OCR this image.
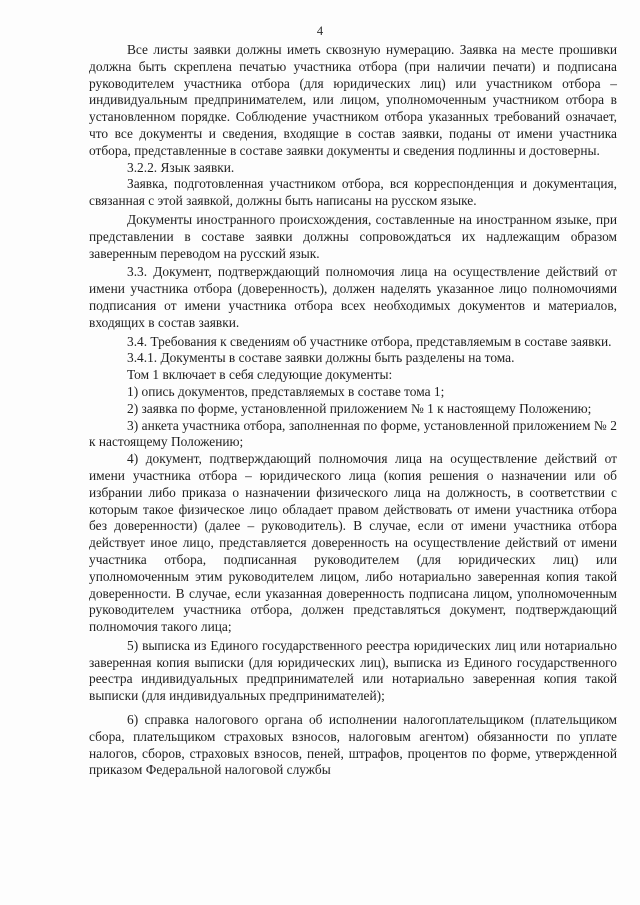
4

Все листы заявки должны иметь сквозную нумерацию. Заявка на месте прошивки должна быть скреплена печатью участника отбора (при наличии печати) и подписана руководителем участника отбора (для юридических лиц) или участником отбора – индивидуальным предпринимателем, или лицом, уполномоченным участником отбора в установленном порядке. Соблюдение участником отбора указанных требований означает, что все документы и сведения, входящие в состав заявки, поданы от имени участника отбора, представленные в составе заявки документы и сведения подлинны и достоверны.

3.2.2. Язык заявки.

Заявка, подготовленная участником отбора, вся корреспонденция и документация, связанная с этой заявкой, должны быть написаны на русском языке.

Документы иностранного происхождения, составленные на иностранном языке, при представлении в составе заявки должны сопровождаться их надлежащим образом заверенным переводом на русский язык.

3.3. Документ, подтверждающий полномочия лица на осуществление действий от имени участника отбора (доверенность), должен наделять указанное лицо полномочиями подписания от имени участника отбора всех необходимых документов и материалов, входящих в состав заявки.

3.4. Требования к сведениям об участнике отбора, представляемым в составе заявки.

3.4.1. Документы в составе заявки должны быть разделены на тома.

Том 1 включает в себя следующие документы:

1) опись документов, представляемых в составе тома 1;

2) заявка по форме, установленной приложением № 1 к настоящему Положению;

3) анкета участника отбора, заполненная по форме, установленной приложением № 2 к настоящему Положению;

4) документ, подтверждающий полномочия лица на осуществление действий от имени участника отбора – юридического лица (копия решения о назначении или об избрании либо приказа о назначении физического лица на должность, в соответствии с которым такое физическое лицо обладает правом действовать от имени участника отбора без доверенности) (далее – руководитель). В случае, если от имени участника отбора действует иное лицо, представляется доверенность на осуществление действий от имени участника отбора, подписанная руководителем (для юридических лиц) или уполномоченным этим руководителем лицом, либо нотариально заверенная копия такой доверенности. В случае, если указанная доверенность подписана лицом, уполномоченным руководителем участника отбора, должен представляться документ, подтверждающий полномочия такого лица;

5) выписка из Единого государственного реестра юридических лиц или нотариально заверенная копия выписки (для юридических лиц), выписка из Единого государственного реестра индивидуальных предпринимателей или нотариально заверенная копия такой выписки (для индивидуальных предпринимателей);

6) справка налогового органа об исполнении налогоплательщиком (плательщиком сбора, плательщиком страховых взносов, налоговым агентом) обязанности по уплате налогов, сборов, страховых взносов, пеней, штрафов, процентов по форме, утвержденной приказом Федеральной налоговой службы
